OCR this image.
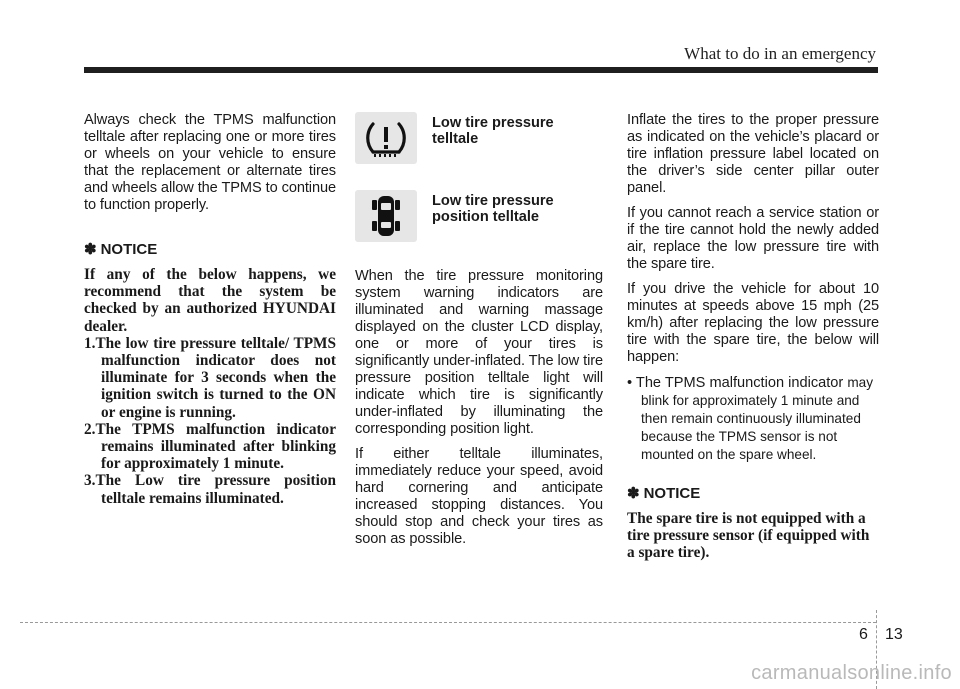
What to do in an emergency

Always check the TPMS malfunction telltale after replacing one or more tires or wheels on your vehicle to ensure that the replacement or alternate tires and wheels allow the TPMS to continue to function properly.

✽ NOTICE

If any of the below happens, we recommend that the system be checked by an authorized HYUNDAI dealer.

1.The low tire pressure telltale/ TPMS malfunction indicator does not illuminate for 3 seconds when the ignition switch is turned to the ON or engine is running.
2.The TPMS malfunction indicator remains illuminated after blinking for approximately 1 minute.
3.The Low tire pressure position telltale remains illuminated.
Low tire pressure telltale
Low tire pressure position telltale

When the tire pressure monitoring system warning indicators are illuminated and warning massage displayed on the cluster LCD display, one or more of your tires is significantly under-inflated. The low tire pressure position telltale light will indicate which tire is significantly under-inflated by illuminating the corresponding position light.

If either telltale illuminates, immediately reduce your speed, avoid hard cornering and anticipate increased stopping distances. You should stop and check your tires as soon as possible.

Inflate the tires to the proper pressure as indicated on the vehicle’s placard or tire inflation pressure label located on the driver’s side center pillar outer panel.

If you cannot reach a service station or if the tire cannot hold the newly added air, replace the low pressure tire with the spare tire.

If you drive the vehicle for about 10 minutes at speeds above 15 mph (25 km/h) after replacing the low pressure tire with the spare tire, the below will happen:

• The TPMS malfunction indicator may blink for approximately 1 minute and then remain continuously illuminated because the TPMS sensor is not mounted on the spare wheel.
✽ NOTICE

The spare tire is not equipped with a tire pressure sensor (if equipped with a spare tire).

6 13
carmanualsonline.info
